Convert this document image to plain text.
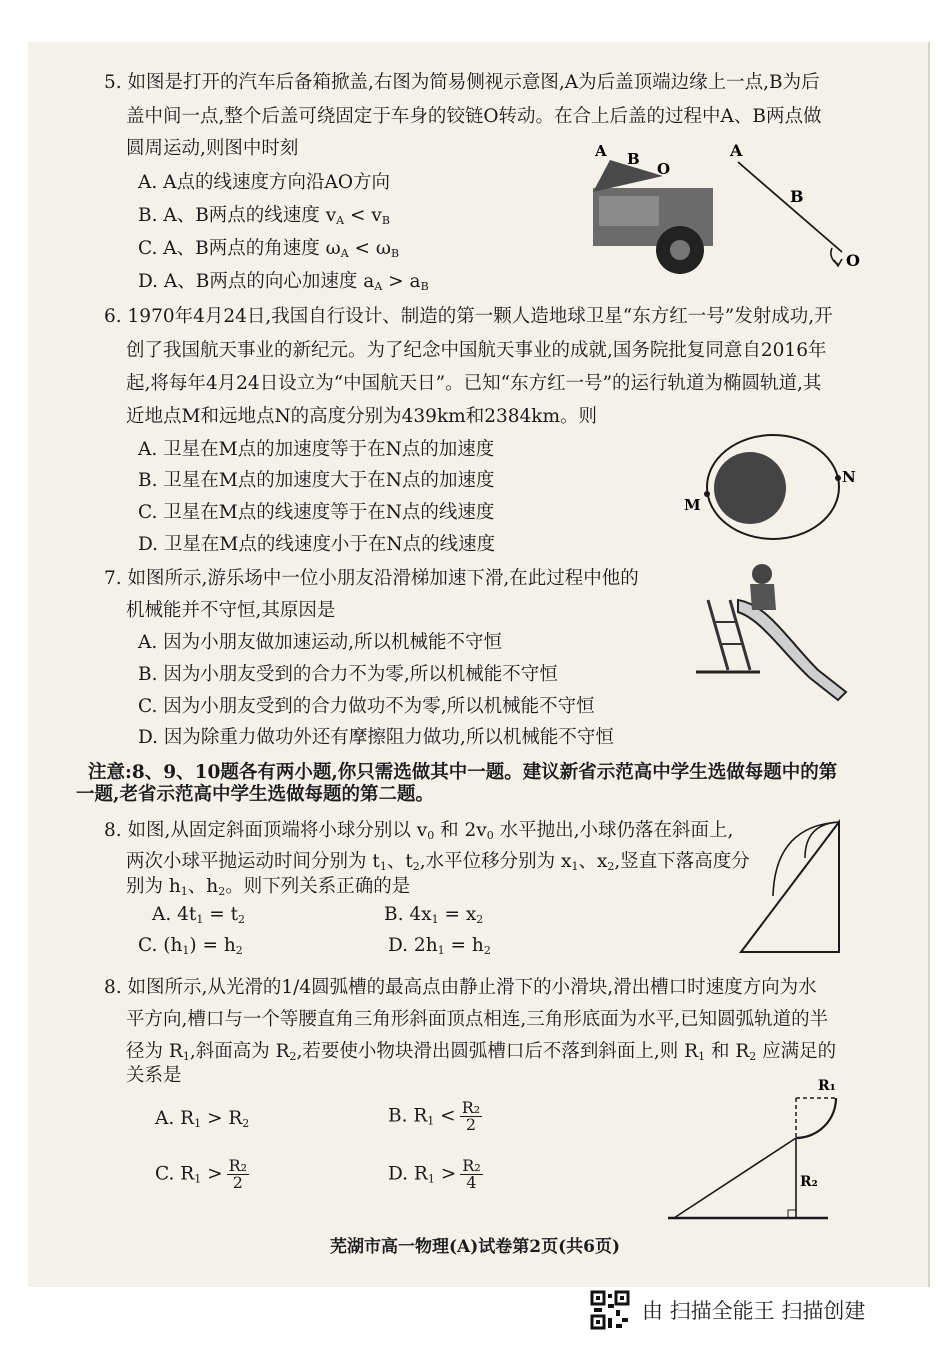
5. 如图是打开的汽车后备箱掀盖,右图为简易侧视示意图,A为后盖顶端边缘上一点,B为后
盖中间一点,整个后盖可绕固定于车身的铰链O转动。在合上后盖的过程中A、B两点做
圆周运动,则图中时刻
A. A点的线速度方向沿AO方向
B. A、B两点的线速度 $v_A < v_B$
C. A、B两点的角速度 $\omega_A < \omega_B$
D. A、B两点的向心加速度 $a_A > a_B$
A B
O
A
B
O
6. 1970年4月24日,我国自行设计、制造的第一颗人造地球卫星“东方红一号”发射成功,开
创了我国航天事业的新纪元。为了纪念中国航天事业的成就,国务院批复同意自2016年
起,将每年4月24日设立为“中国航天日”。已知“东方红一号”的运行轨道为椭圆轨道,其
近地点M和远地点N的高度分别为439km和2384km。则
A. 卫星在M点的加速度等于在N点的加速度
B. 卫星在M点的加速度大于在N点的加速度
C. 卫星在M点的线速度等于在N点的线速度
D. 卫星在M点的线速度小于在N点的线速度
M
N
7. 如图所示,游乐场中一位小朋友沿滑梯加速下滑,在此过程中他的
机械能并不守恒,其原因是
A. 因为小朋友做加速运动,所以机械能不守恒
B. 因为小朋友受到的合力不为零,所以机械能不守恒
C. 因为小朋友受到的合力做功不为零,所以机械能不守恒
D. 因为除重力做功外还有摩擦阻力做功,所以机械能不守恒
注意:8、9、10题各有两小题,你只需选做其中一题。建议新省示范高中学生选做每题中的第
一题,老省示范高中学生选做每题的第二题。
8. 如图,从固定斜面顶端将小球分别以 $v_0$ 和 $2v_0$ 水平抛出,小球仍落在斜面上,
两次小球平抛运动时间分别为 $t_1$、$t_2$,水平位移分别为 $x_1$、$x_2$,竖直下落高度分
别为 $h_1$、$h_2$。则下列关系正确的是
A. $4t_1 = t_2$	B. $4x_1 = x_2$
C. $(h_1) = h_2$	D. $2h_1 = h_2$
8. 如图所示,从光滑的1/4圆弧槽的最高点由静止滑下的小滑块,滑出槽口时速度方向为水
平方向,槽口与一个等腰直角三角形斜面顶点相连,三角形底面为水平,已知圆弧轨道的半
径为 $R_1$,斜面高为 $R_2$,若要使小物块滑出圆弧槽口后不落到斜面上,则 $R_1$ 和 $R_2$ 应满足的
关系是
A. $R_1 > R_2$	B. $R_1 < \frac{\text{R₂}}{2}$
C. $R_1 > \frac{\text{R₂}}{2}$	D. $R_1 > \frac{\text{R₂}}{4}$
R₁
R₂
芜湖市高一物理(A)试卷第2页(共6页)
由 扫描全能王 扫描创建
